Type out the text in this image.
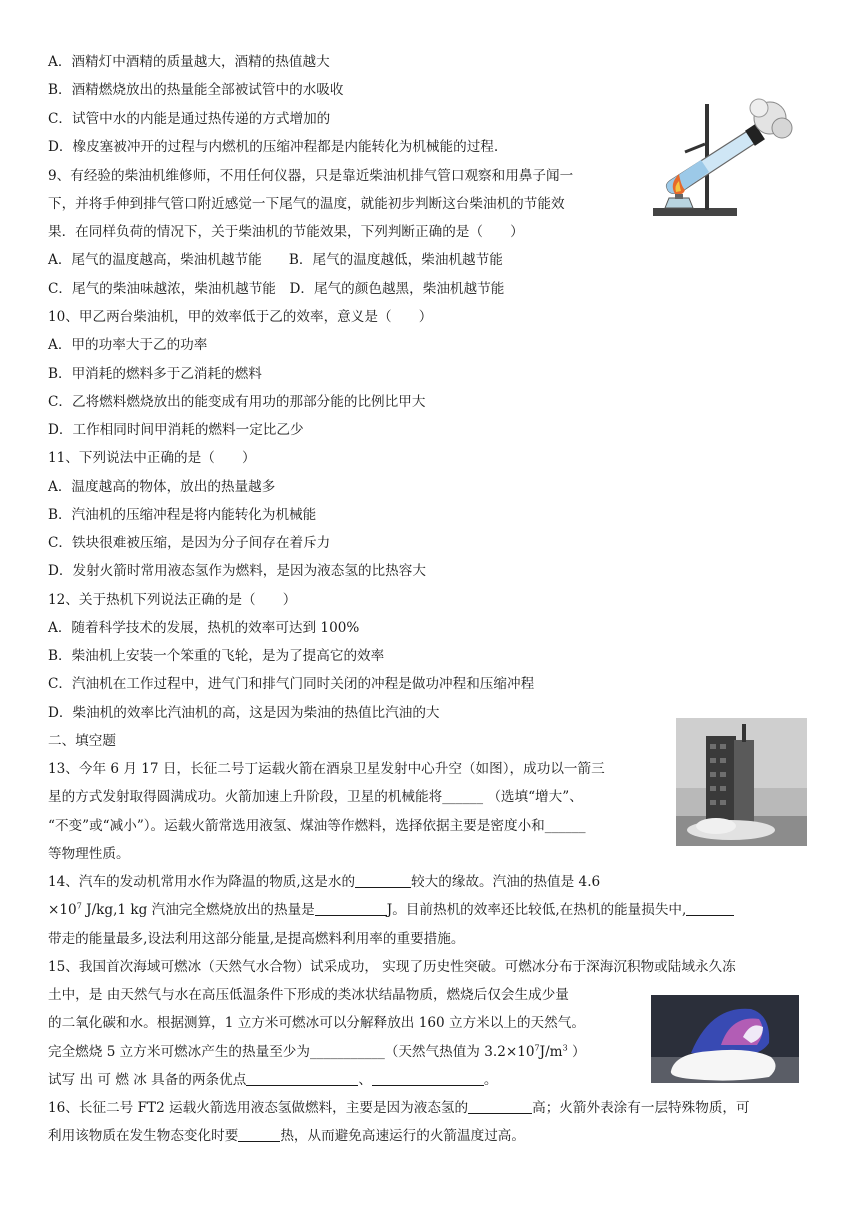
A．酒精灯中酒精的质量越大，酒精的热值越大
B．酒精燃烧放出的热量能全部被试管中的水吸收
C．试管中水的内能是通过热传递的方式增加的
D．橡皮塞被冲开的过程与内燃机的压缩冲程都是内能转化为机械能的过程.
9、有经验的柴油机维修师，不用任何仪器，只是靠近柴油机排气管口观察和用鼻子闻一
下，并将手伸到排气管口附近感觉一下尾气的温度，就能初步判断这台柴油机的节能效
果．在同样负荷的情况下，关于柴油机的节能效果，下列判断正确的是（　　）
A．尾气的温度越高，柴油机越节能　　B．尾气的温度越低，柴油机越节能
C．尾气的柴油味越浓，柴油机越节能　D．尾气的颜色越黑，柴油机越节能
10、甲乙两台柴油机，甲的效率低于乙的效率，意义是（　　）
A．甲的功率大于乙的功率
B．甲消耗的燃料多于乙消耗的燃料
C．乙将燃料燃烧放出的能变成有用功的那部分能的比例比甲大
D．工作相同时间甲消耗的燃料一定比乙少
11、下列说法中正确的是（　　）
A．温度越高的物体，放出的热量越多
B．汽油机的压缩冲程是将内能转化为机械能
C．铁块很难被压缩，是因为分子间存在着斥力
D．发射火箭时常用液态氢作为燃料，是因为液态氢的比热容大
12、关于热机下列说法正确的是（　　）
A．随着科学技术的发展，热机的效率可达到 100%
B．柴油机上安装一个笨重的飞轮，是为了提高它的效率
C．汽油机在工作过程中，进气门和排气门同时关闭的冲程是做功冲程和压缩冲程
D．柴油机的效率比汽油机的高，这是因为柴油的热值比汽油的大
二、填空题
13、今年 6 月 17 日，长征二号丁运载火箭在酒泉卫星发射中心升空（如图），成功以一箭三
星的方式发射取得圆满成功。火箭加速上升阶段，卫星的机械能将______ （选填“增大”、
“不变”或“减小”）。运载火箭常选用液氢、煤油等作燃料，选择依据主要是密度小和______
等物理性质。
14、汽车的发动机常用水作为降温的物质,这是水的	较大的缘故。汽油的热值是 4.6
$\times 10^7$ J/kg,1 kg 汽油完全燃烧放出的热量是	J。目前热机的效率还比较低,在热机的能量损失中,
带走的能量最多,设法利用这部分能量,是提高燃料利用率的重要措施。
15、我国首次海域可燃冰（天然气水合物）试采成功， 实现了历史性突破。可燃冰分布于深海沉积物或陆域永久冻
土中，是 由天然气与水在高压低温条件下形成的类冰状结晶物质，燃烧后仅会生成少量
的二氧化碳和水。根据测算，1 立方米可燃冰可以分解释放出 160 立方米以上的天然气。
完全燃烧 5 立方米可燃冰产生的热量至少为___________（天然气热值为 $3.2\times 10^7J/m^3$ ）
试写 出 可 燃 冰 具备的两条优点	、	。
16、长征二号 FT2 运载火箭选用液态氢做燃料，主要是因为液态氢的	高；火箭外表涂有一层特殊物质，可
利用该物质在发生物态变化时要	热，从而避免高速运行的火箭温度过高。
